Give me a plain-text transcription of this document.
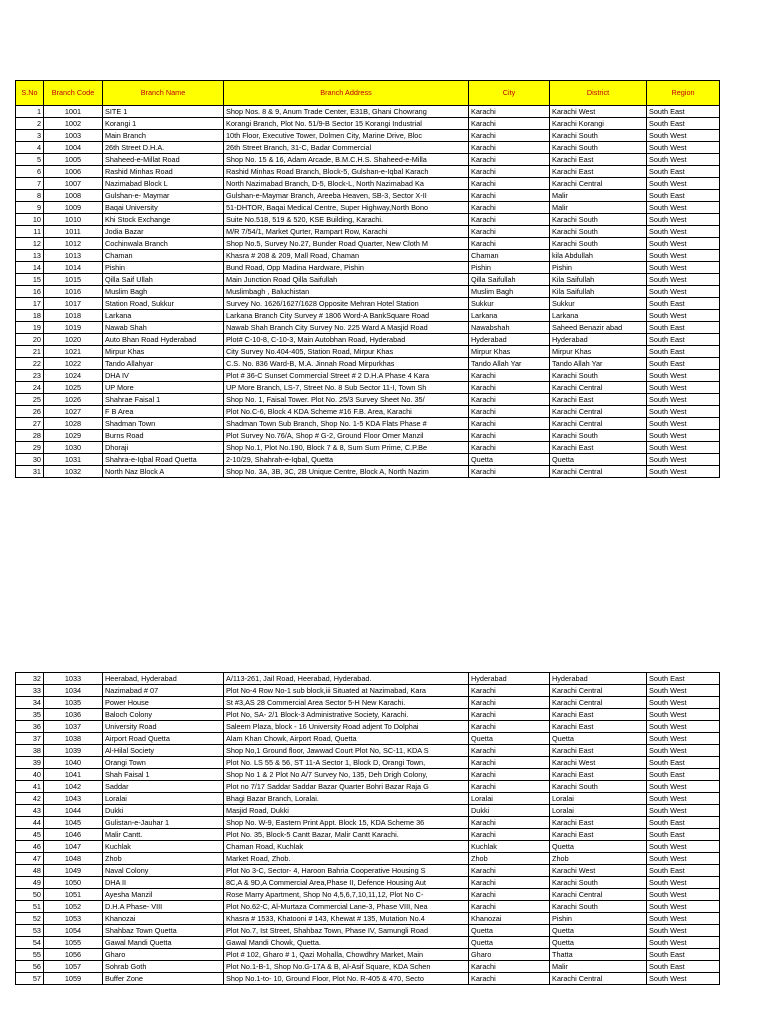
S.No	Branch Code	Branch Name	Branch Address	City	District	Region
1	1001	SITE 1	Shop Nos. 8 & 9, Anum Trade Center, E31B, Ghani Chowrang	Karachi	Karachi West	South East
2	1002	Korangi 1	Korangi Branch, Plot No. 51/9-B Sector 15 Korangi Industrial	Karachi	Karachi Korangi	South East
3	1003	Main Branch	10th Floor, Executive Tower, Dolmen City, Marine Drive, Bloc	Karachi	Karachi South	South West
4	1004	26th Street D.H.A.	26th Street Branch, 31-C, Badar Commercial	Karachi	Karachi South	South West
5	1005	Shaheed-e-Millat Road	Shop No. 15 & 16, Adam Arcade, B.M.C.H.S. Shaheed-e-Milla	Karachi	Karachi East	South West
6	1006	Rashid Minhas Road	Rashid Minhas Road Branch, Block-5, Gulshan-e-Iqbal Karach	Karachi	Karachi East	South East
7	1007	Nazimabad Block L	North Nazimabad Branch, D-5, Block-L, North Nazimabad Ka	Karachi	Karachi Central	South West
8	1008	Gulshan-e- Maymar	Gulshan-e-Maymar Branch, Areeba Heaven, SB-3, Sector X-II	Karachi	Malir	South East
9	1009	Baqai University	51-DHTOR, Baqai Medical Centre, Super Highway,North Bono	Karachi	Malir	South West
10	1010	Khi Stock Exchange	Suite No.518, 519 & 520, KSE Building, Karachi.	Karachi	Karachi South	South West
11	1011	Jodia Bazar	M/R 7/54/1, Market Qurter, Rampart Row, Karachi	Karachi	Karachi South	South West
12	1012	Cochinwala Branch	Shop No.5, Survey No.27, Bunder Road Quarter, New Cloth M	Karachi	Karachi South	South West
13	1013	Chaman	Khasra # 208 & 209, Mall Road, Chaman	Chaman	kila Abdullah	South West
14	1014	Pishin	Bund Road, Opp Madina Hardware, Pishin	Pishin	Pishin	South West
15	1015	Qilla Saif Ullah	Main Junction Road Qilla Saifullah	Qilla Saifullah	Kila Saifullah	South West
16	1016	Muslim Bagh	Muslimbagh , Baluchistan	Muslim Bagh	Kila Saifullah	South West
17	1017	Station Road, Sukkur	Survey No. 1626/1627/1628 Opposite Mehran Hotel Station	Sukkur	Sukkur	South East
18	1018	Larkana	Larkana Branch City Survey # 1806 Word-A BankSquare Road	Larkana	Larkana	South West
19	1019	Nawab Shah	Nawab Shah Branch City Survey No. 225 Ward A Masjid Road	Nawabshah	Saheed Benazir abad	South East
20	1020	Auto Bhan Road Hyderabad	Plot# C-10-8, C-10-3, Main Autobhan Road, Hyderabad	Hyderabad	Hyderabad	South East
21	1021	Mirpur Khas	City Survey No.404-405, Station Road, Mirpur Khas	Mirpur Khas	Mirpur Khas	South East
22	1022	Tando Allahyar	C.S. No. 836 Ward-B, M.A. Jinnah Road Mirpurkhas	Tando Allah Yar	Tando Allah Yar	South East
23	1024	DHA IV	Plot # 36-C Sunset Commercial Street # 2 D.H.A Phase 4 Kara	Karachi	Karachi South	South West
24	1025	UP More	UP More Branch, LS-7, Street No. 8 Sub Sector 11-I, Town Sh	Karachi	Karachi Central	South West
25	1026	Shahrae Faisal 1	Shop No. 1, Faisal Tower. Plot No. 25/3 Survey Sheet No. 35/	Karachi	Karachi East	South West
26	1027	F B Area	Plot No.C-6, Block 4 KDA Scheme #16 F.B. Area, Karachi	Karachi	Karachi Central	South West
27	1028	Shadman Town	Shadman Town Sub Branch, Shop No. 1-5 KDA Flats Phase #	Karachi	Karachi Central	South West
28	1029	Burns Road	Plot Survey No.76/A, Shop # G-2, Ground Floor Omer Manzil	Karachi	Karachi South	South West
29	1030	Dhoraji	Shop No.1, Plot No.190, Block 7 & 8, Sum Sum Prime, C.P.Be	Karachi	Karachi East	South West
30	1031	Shahra-e-Iqbal Road Quetta	2-10/29, Shahrah-e-Iqbal, Quetta	Quetta	Quetta	South West
31	1032	North Naz Block A	Shop No. 3A, 3B, 3C, 2B Unique Centre, Block A, North Nazim	Karachi	Karachi Central	South West
32	1033	Heerabad, Hyderabad	A/113-261, Jail Road, Heerabad, Hyderabad.	Hyderabad	Hyderabad	South East
33	1034	Nazimabad # 07	Plot No-4 Row No-1 sub block,iii Situated at Nazimabad, Kara	Karachi	Karachi Central	South West
34	1035	Power House	St #3,AS 28 Commercial Area Sector 5-H New Karachi.	Karachi	Karachi Central	South West
35	1036	Baloch Colony	Plot No, SA- 2/1 Block-3 Administrative Society, Karachi.	Karachi	Karachi East	South West
36	1037	University Road	Saleem Plaza, block - 16 University Road adjent To Dolphai	Karachi	Karachi East	South West
37	1038	Airport Road Quetta	Alam Khan Chowk, Airport Road, Quetta	Quetta	Quetta	South West
38	1039	Al-Hilal Society	Shop No,1 Ground floor, Jawwad Court Plot No, SC-11, KDA S	Karachi	Karachi East	South West
39	1040	Orangi Town	Plot No. LS 55 & 56, ST 11-A Sector 1, Block D, Orangi Town,	Karachi	Karachi West	South East
40	1041	Shah Faisal 1	Shop No 1 & 2 Plot No A/7 Survey No, 135, Deh Drigh Colony,	Karachi	Karachi East	South East
41	1042	Saddar	Plot no 7/17 Saddar Saddar Bazar Quarter Bohri Bazar Raja G	Karachi	Karachi South	South West
42	1043	Loralai	Bhagi Bazar Branch, Loralai.	Loralai	Loralai	South West
43	1044	Dukki	Masjid Road, Dukki	Dukki	Loralai	South West
44	1045	Gulistan-e-Jauhar 1	Shop No. W-9, Eastern Print Appt. Block 15, KDA Scheme 36	Karachi	Karachi East	South East
45	1046	Malir Cantt.	Plot No. 35, Block-5 Cantt Bazar, Malir Cantt Karachi.	Karachi	Karachi East	South East
46	1047	Kuchlak	Chaman Road, Kuchlak	Kuchlak	Quetta	South West
47	1048	Zhob	Market Road, Zhob.	Zhob	Zhob	South West
48	1049	Naval Colony	Plot No 3-C, Sector- 4, Haroon Bahria Cooperative Housing S	Karachi	Karachi West	South East
49	1050	DHA II	8C,A & 9D,A Commercial Area,Phase II, Defence Housing Aut	Karachi	Karachi South	South West
50	1051	Ayesha Manzil	Rose Marry Apartment, Shop No 4,5,6,7,10,11,12, Plot No C-	Karachi	Karachi Central	South West
51	1052	D.H.A Phase- VIII	Plot No.62-C, Al-Murtaza Commercial Lane-3, Phase VIII, Nea	Karachi	Karachi South	South West
52	1053	Khanozai	Khasra # 1533, Khatooni # 143, Khewat # 135, Mutation No.4	Khanozai	Pishin	South West
53	1054	Shahbaz Town Quetta	Plot No.7, Ist Street, Shahbaz Town, Phase IV, Samungli Road	Quetta	Quetta	South West
54	1055	Gawal Mandi Quetta	Gawal Mandi Chowk, Quetta.	Quetta	Quetta	South West
55	1056	Gharo	Plot # 102, Gharo # 1, Qazi Mohalla, Chowdhry Market, Main	Gharo	Thatta	South East
56	1057	Sohrab Goth	Plot No.1-B-1, Shop No.G-17A & B, Al-Asif Square, KDA Schen	Karachi	Malir	South East
57	1059	Buffer Zone	Shop No.1-to- 10, Ground Floor, Plot No. R-405 & 470, Secto	Karachi	Karachi Central	South West
